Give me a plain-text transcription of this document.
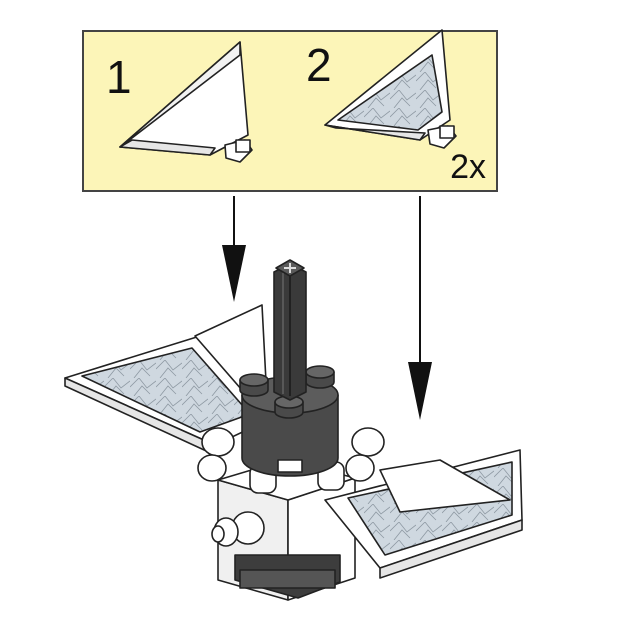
1	2
2x
